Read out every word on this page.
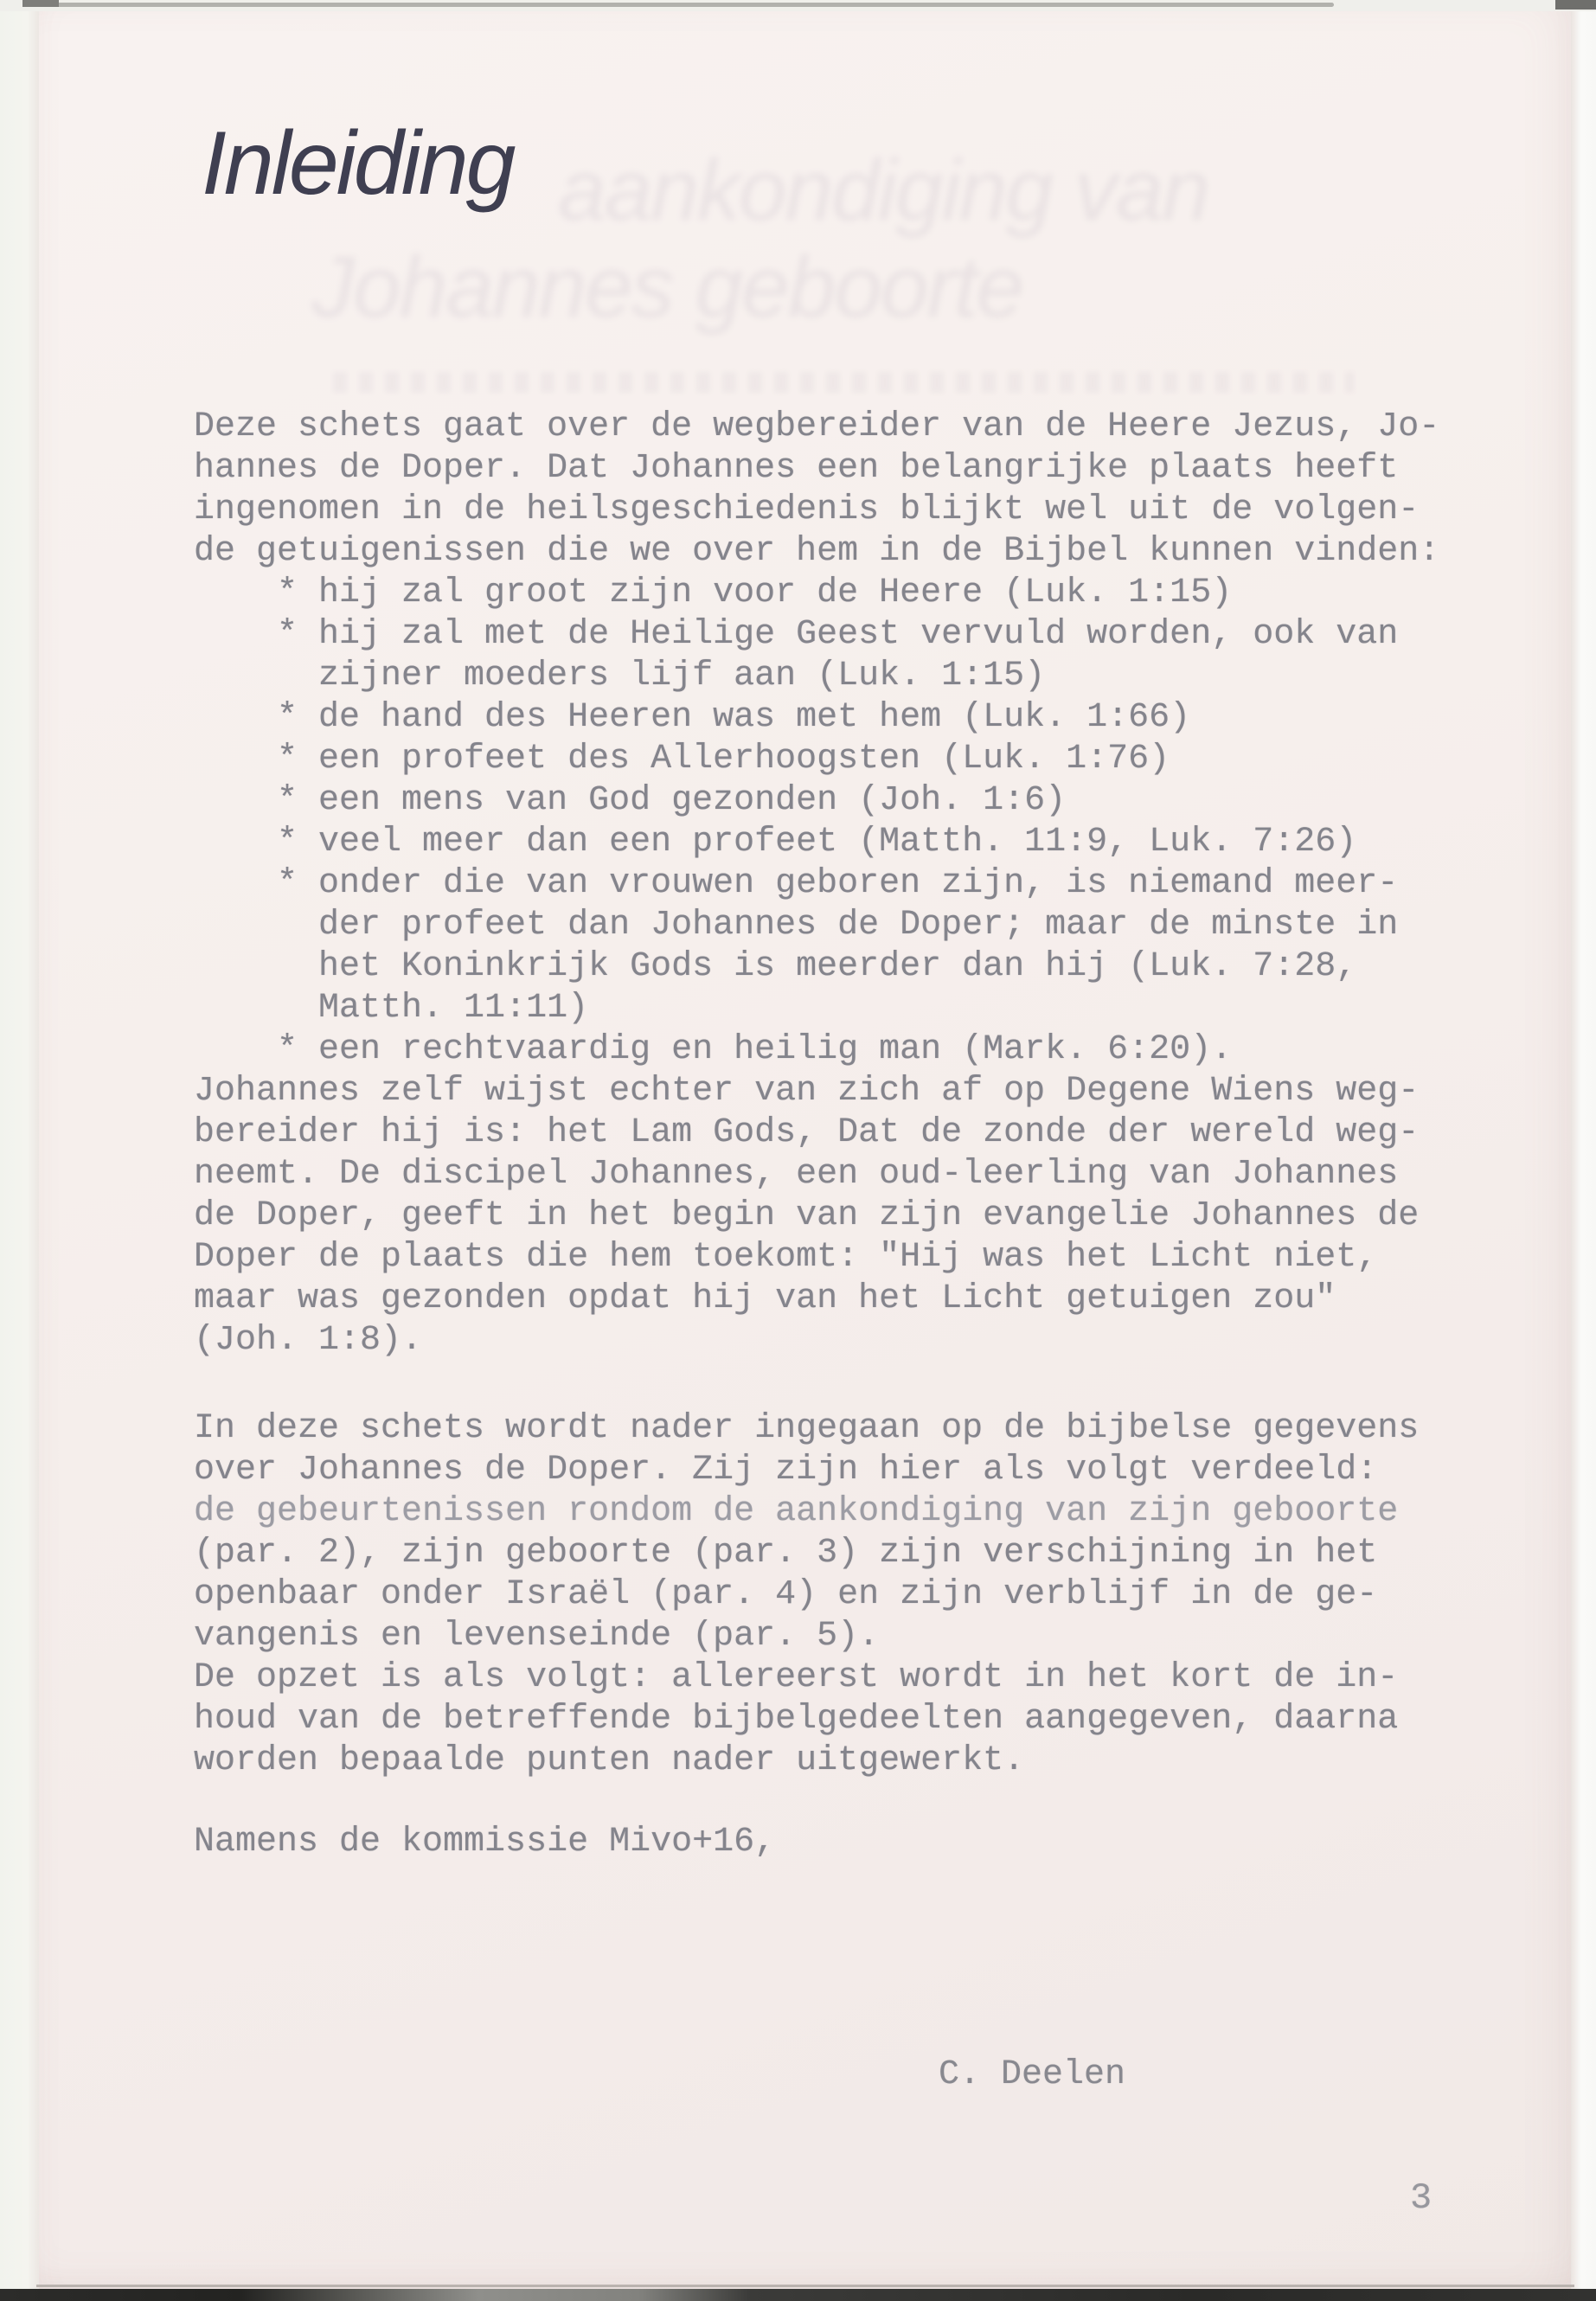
aankondiging van
Johannes geboorte
Inleiding
Deze schets gaat over de wegbereider van de Heere Jezus, Jo-
hannes de Doper. Dat Johannes een belangrijke plaats heeft
ingenomen in de heilsgeschiedenis blijkt wel uit de volgen-
de getuigenissen die we over hem in de Bijbel kunnen vinden:
* hij zal groot zijn voor de Heere (Luk. 1:15)
* hij zal met de Heilige Geest vervuld worden, ook van
zijner moeders lijf aan (Luk. 1:15)
* de hand des Heeren was met hem (Luk. 1:66)
* een profeet des Allerhoogsten (Luk. 1:76)
* een mens van God gezonden (Joh. 1:6)
* veel meer dan een profeet (Matth. 11:9, Luk. 7:26)
* onder die van vrouwen geboren zijn, is niemand meer-
der profeet dan Johannes de Doper; maar de minste in
het Koninkrijk Gods is meerder dan hij (Luk. 7:28,
Matth. 11:11)
* een rechtvaardig en heilig man (Mark. 6:20).
Johannes zelf wijst echter van zich af op Degene Wiens weg-
bereider hij is: het Lam Gods, Dat de zonde der wereld weg-
neemt. De discipel Johannes, een oud-leerling van Johannes
de Doper, geeft in het begin van zijn evangelie Johannes de
Doper de plaats die hem toekomt: "Hij was het Licht niet,
maar was gezonden opdat hij van het Licht getuigen zou"
(Joh. 1:8).
In deze schets wordt nader ingegaan op de bijbelse gegevens
over Johannes de Doper. Zij zijn hier als volgt verdeeld:
de gebeurtenissen rondom de aankondiging van zijn geboorte
(par. 2), zijn geboorte (par. 3) zijn verschijning in het
openbaar onder Israël (par. 4) en zijn verblijf in de ge-
vangenis en levenseinde (par. 5).
De opzet is als volgt: allereerst wordt in het kort de in-
houd van de betreffende bijbelgedeelten aangegeven, daarna
worden bepaalde punten nader uitgewerkt.
Namens de kommissie Mivo+16,
C. Deelen
3
